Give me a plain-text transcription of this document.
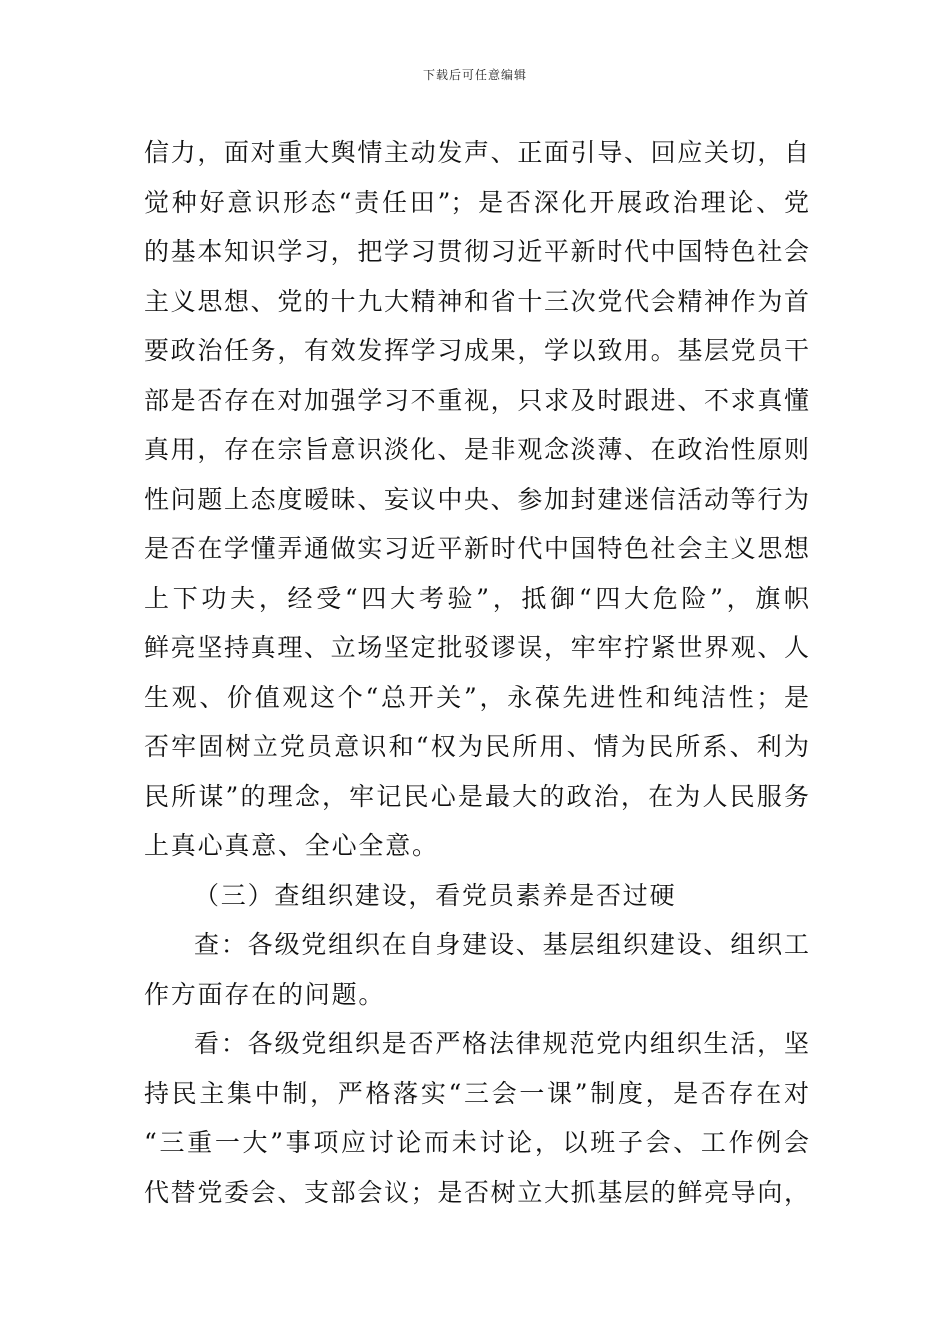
下载后可任意编辑
信力，面对重大舆情主动发声、正面引导、回应关切，自
觉种好意识形态“责任田”；是否深化开展政治理论、党
的基本知识学习，把学习贯彻习近平新时代中国特色社会
主义思想、党的十九大精神和省十三次党代会精神作为首
要政治任务，有效发挥学习成果，学以致用。基层党员干
部是否存在对加强学习不重视，只求及时跟进、不求真懂
真用，存在宗旨意识淡化、是非观念淡薄、在政治性原则
性问题上态度暧昧、妄议中央、参加封建迷信活动等行为
是否在学懂弄通做实习近平新时代中国特色社会主义思想
上下功夫，经受“四大考验”，抵御“四大危险”，旗帜
鲜亮坚持真理、立场坚定批驳谬误，牢牢拧紧世界观、人
生观、价值观这个“总开关”，永葆先进性和纯洁性；是
否牢固树立党员意识和“权为民所用、情为民所系、利为
民所谋”的理念，牢记民心是最大的政治，在为人民服务
上真心真意、全心全意。
（三）查组织建设，看党员素养是否过硬
查：各级党组织在自身建设、基层组织建设、组织工
作方面存在的问题。
看：各级党组织是否严格法律规范党内组织生活，坚
持民主集中制，严格落实“三会一课”制度，是否存在对
“三重一大”事项应讨论而未讨论，以班子会、工作例会
代替党委会、支部会议；是否树立大抓基层的鲜亮导向，
